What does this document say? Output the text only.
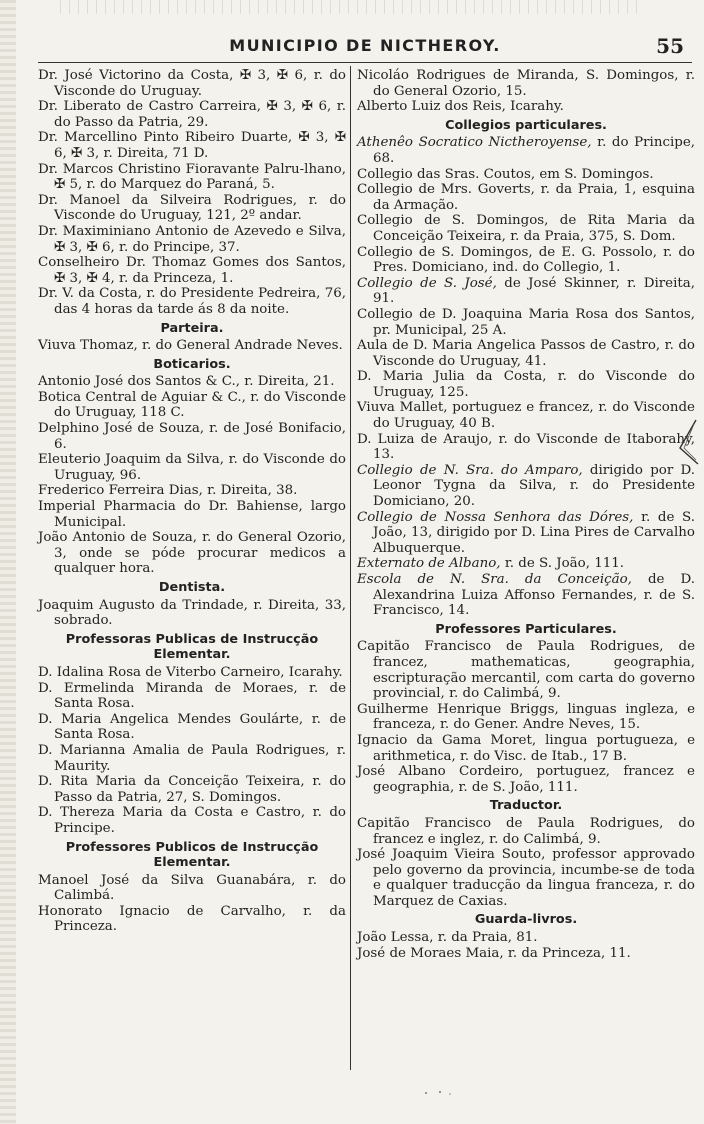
MUNICIPIO DE NICTHEROY.	55

Dr. José Victorino da Costa, ✠ 3, ✠ 6, r. do Visconde do Uruguay.

Dr. Liberato de Castro Carreira, ✠ 3, ✠ 6, r. do Passo da Patria, 29.

Dr. Marcellino Pinto Ribeiro Duarte, ✠ 3, ✠ 6, ✠ 3, r. Direita, 71 D.

Dr. Marcos Christino Fioravante Palru-lhano, ✠ 5, r. do Marquez do Paraná, 5.

Dr. Manoel da Silveira Rodrigues, r. do Visconde do Uruguay, 121, 2º andar.

Dr. Maximiniano Antonio de Azevedo e Silva, ✠ 3, ✠ 6, r. do Principe, 37.

Conselheiro Dr. Thomaz Gomes dos Santos, ✠ 3, ✠ 4, r. da Princeza, 1.

Dr. V. da Costa, r. do Presidente Pedreira, 76, das 4 horas da tarde ás 8 da noite.

Parteira.

Viuva Thomaz, r. do General Andrade Neves.

Boticarios.

Antonio José dos Santos & C., r. Direita, 21.

Botica Central de Aguiar & C., r. do Visconde do Uruguay, 118 C.

Delphino José de Souza, r. de José Bonifacio, 6.

Eleuterio Joaquim da Silva, r. do Visconde do Uruguay, 96.

Frederico Ferreira Dias, r. Direita, 38.

Imperial Pharmacia do Dr. Bahiense, largo Municipal.

João Antonio de Souza, r. do General Ozorio, 3, onde se póde procurar medicos a qualquer hora.

Dentista.

Joaquim Augusto da Trindade, r. Direita, 33, sobrado.

Professoras Publicas de Instrucção Elementar.

D. Idalina Rosa de Viterbo Carneiro, Icarahy.

D. Ermelinda Miranda de Moraes, r. de Santa Rosa.

D. Maria Angelica Mendes Goulárte, r. de Santa Rosa.

D. Marianna Amalia de Paula Rodrigues, r. Maurity.

D. Rita Maria da Conceição Teixeira, r. do Passo da Patria, 27, S. Domingos.

D. Thereza Maria da Costa e Castro, r. do Principe.

Professores Publicos de Instrucção Elementar.

Manoel José da Silva Guanabára, r. do Calimbá.

Honorato Ignacio de Carvalho, r. da Princeza.

Nicoláo Rodrigues de Miranda, S. Domingos, r. do General Ozorio, 15.

Alberto Luiz dos Reis, Icarahy.

Collegios particulares.

Athenêo Socratico Nictheroyense, r. do Principe, 68.

Collegio das Sras. Coutos, em S. Domingos.

Collegio de Mrs. Goverts, r. da Praia, 1, esquina da Armação.

Collegio de S. Domingos, de Rita Maria da Conceição Teixeira, r. da Praia, 375, S. Dom.

Collegio de S. Domingos, de E. G. Possolo, r. do Pres. Domiciano, ind. do Collegio, 1.

Collegio de S. José, de José Skinner, r. Direita, 91.

Collegio de D. Joaquina Maria Rosa dos Santos, pr. Municipal, 25 A.

Aula de D. Maria Angelica Passos de Castro, r. do Visconde do Uruguay, 41.

D. Maria Julia da Costa, r. do Visconde do Uruguay, 125.

Viuva Mallet, portuguez e francez, r. do Visconde do Uruguay, 40 B.

D. Luiza de Araujo, r. do Visconde de Itaborahy, 13.

Collegio de N. Sra. do Amparo, dirigido por D. Leonor Tygna da Silva, r. do Presidente Domiciano, 20.

Collegio de Nossa Senhora das Dóres, r. de S. João, 13, dirigido por D. Lina Pires de Carvalho Albuquerque.

Externato de Albano, r. de S. João, 111.

Escola de N. Sra. da Conceição, de D. Alexandrina Luiza Affonso Fernandes, r. de S. Francisco, 14.

Professores Particulares.

Capitão Francisco de Paula Rodrigues, de francez, mathematicas, geographia, escripturação mercantil, com carta do governo provincial, r. do Calimbá, 9.

Guilherme Henrique Briggs, linguas ingleza, e franceza, r. do Gener. Andre Neves, 15.

Ignacio da Gama Moret, lingua portugueza, e arithmetica, r. do Visc. de Itab., 17 B.

José Albano Cordeiro, portuguez, francez e geographia, r. de S. João, 111.

Traductor.

Capitão Francisco de Paula Rodrigues, do francez e inglez, r. do Calimbá, 9.

José Joaquim Vieira Souto, professor approvado pelo governo da provincia, incumbe-se de toda e qualquer traducção da lingua franceza, r. do Marquez de Caxias.

Guarda-livros.

João Lessa, r. da Praia, 81.

José de Moraes Maia, r. da Princeza, 11.
